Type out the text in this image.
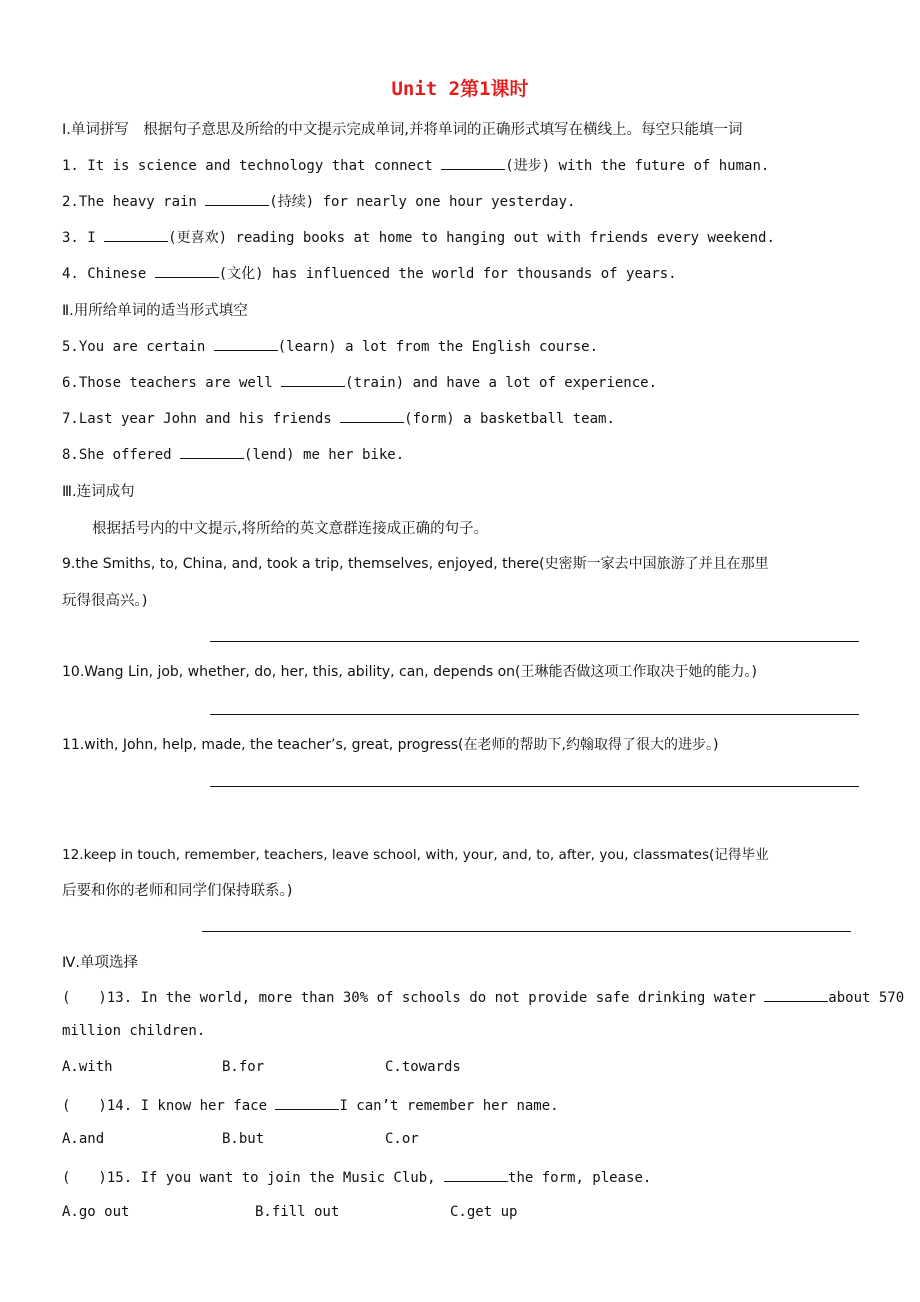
Unit 2第1课时
Ⅰ.单词拼写　根据句子意思及所给的中文提示完成单词,并将单词的正确形式填写在横线上。每空只能填一词
1. It is science and technology that connect	(进步) with the future of human.
2.The heavy rain	(持续) for nearly one hour yesterday.
3. I	(更喜欢) reading books at home to hanging out with friends every weekend.
4. Chinese	(文化) has influenced the world for thousands of years.
Ⅱ.用所给单词的适当形式填空
5.You are certain	(learn) a lot from the English course.
6.Those teachers are well	(train) and have a lot of experience.
7.Last year John and his friends	(form) a basketball team.
8.She offered	(lend) me her bike.
Ⅲ.连词成句
根据括号内的中文提示,将所给的英文意群连接成正确的句子。
9.the Smiths, to, China, and, took a trip, themselves, enjoyed, there(史密斯一家去中国旅游了并且在那里
玩得很高兴。)
10.Wang Lin, job, whether, do, her, this, ability, can, depends on(王琳能否做这项工作取决于她的能力。)
11.with, John, help, made, the teacher’s, great, progress(在老师的帮助下,约翰取得了很大的进步。)
12.keep in touch, remember, teachers, leave school, with, your, and, to, after, you, classmates(记得毕业
后要和你的老师和同学们保持联系。)
Ⅳ.单项选择
(　　)13. In the world, more than 30% of schools do not provide safe drinking water	about 570
million children.
A.with	B.for	C.towards
(　　)14. I know her face	I can’t remember her name.
A.and	B.but	C.or
(　　)15. If you want to join the Music Club,	the form, please.
A.go out	B.fill out	C.get up
